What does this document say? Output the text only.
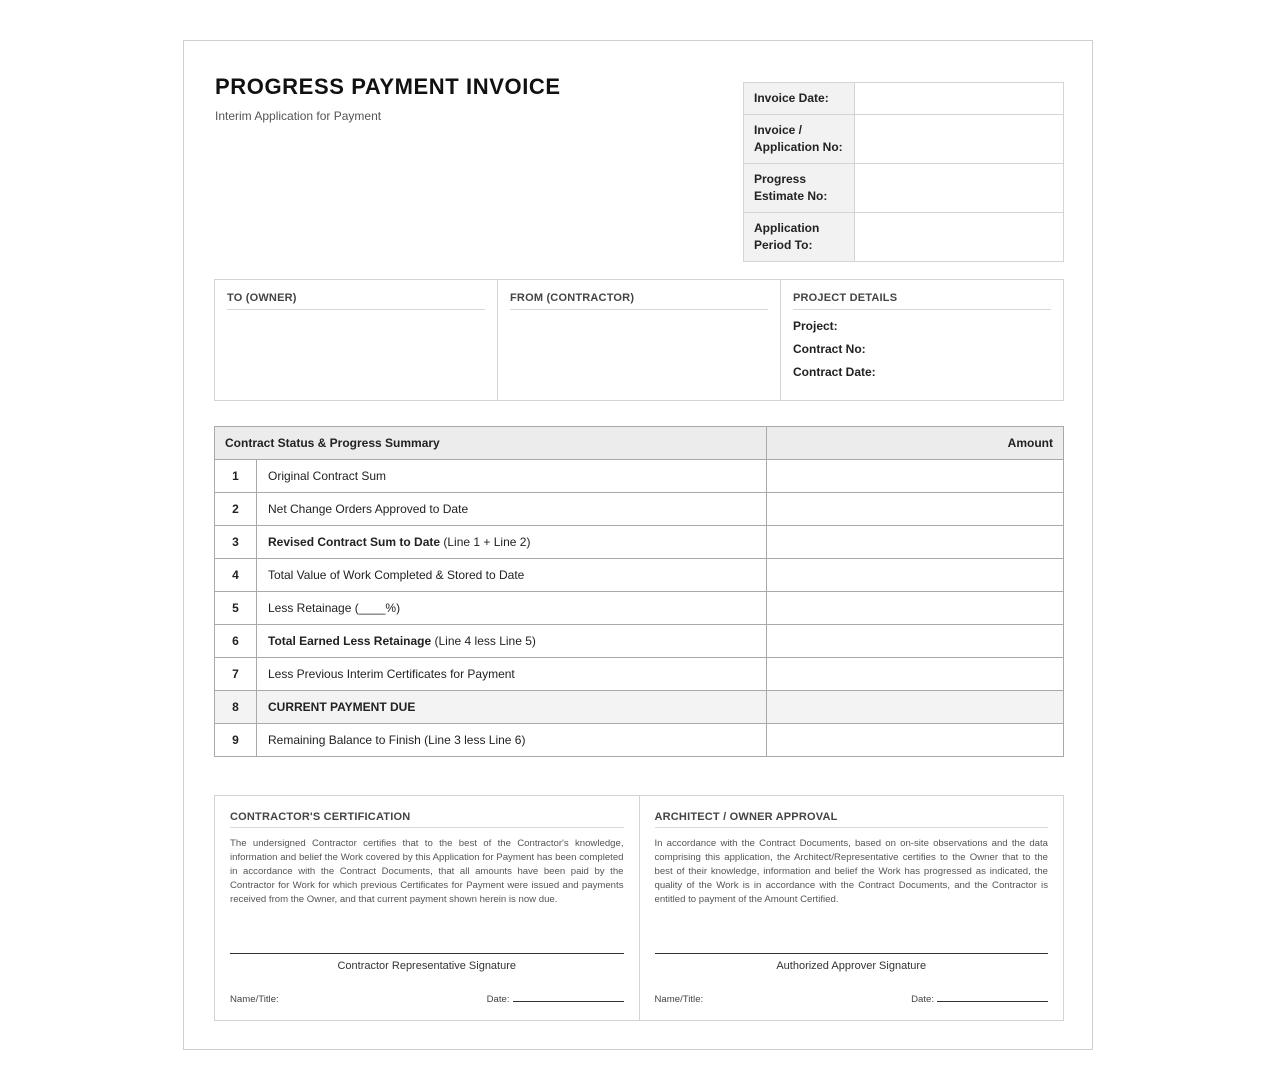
PROGRESS PAYMENT INVOICE
Interim Application for Payment
Invoice Date:	
Invoice / Application No:	
Progress Estimate No:	
Application Period To:	
TO (OWNER)	FROM (CONTRACTOR)	PROJECT DETAILS
Project:
Contract No:
Contract Date:
Contract Status & Progress Summary		Amount
1	Original Contract Sum	
2	Net Change Orders Approved to Date	
3	Revised Contract Sum to Date (Line 1 + Line 2)	
4	Total Value of Work Completed & Stored to Date	
5	Less Retainage (____%)	
6	Total Earned Less Retainage (Line 4 less Line 5)	
7	Less Previous Interim Certificates for Payment	
8	CURRENT PAYMENT DUE	
9	Remaining Balance to Finish (Line 3 less Line 6)	
CONTRACTOR'S CERTIFICATION
The undersigned Contractor certifies that to the best of the Contractor's knowledge, information and belief the Work covered by this Application for Payment has been completed in accordance with the Contract Documents, that all amounts have been paid by the Contractor for Work for which previous Certificates for Payment were issued and payments received from the Owner, and that current payment shown herein is now due.
Contractor Representative Signature
Name/Title:	Date:
ARCHITECT / OWNER APPROVAL
In accordance with the Contract Documents, based on on-site observations and the data comprising this application, the Architect/Representative certifies to the Owner that to the best of their knowledge, information and belief the Work has progressed as indicated, the quality of the Work is in accordance with the Contract Documents, and the Contractor is entitled to payment of the Amount Certified.
Authorized Approver Signature
Name/Title:	Date:
